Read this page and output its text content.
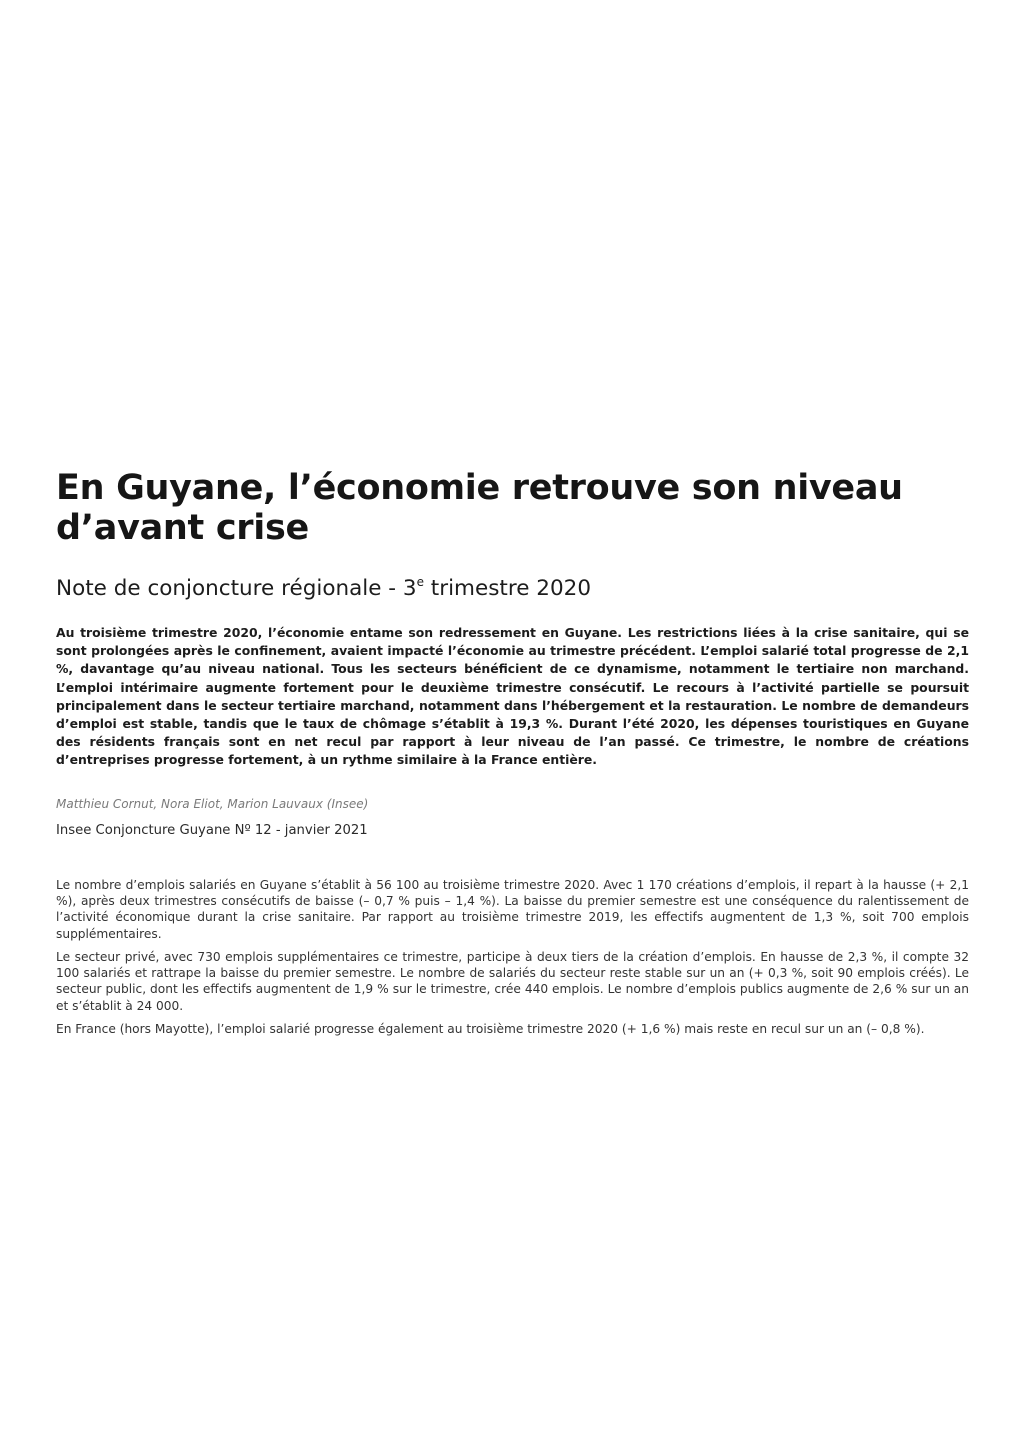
En Guyane, l’économie retrouve son niveau d’avant crise
Note de conjoncture régionale - 3e trimestre 2020

Au troisième trimestre 2020, l’économie entame son redressement en Guyane. Les restrictions liées à la crise sanitaire, qui se sont prolongées après le confinement, avaient impacté l’économie au trimestre précédent. L’emploi salarié total progresse de 2,1 %, davantage qu’au niveau national. Tous les secteurs bénéficient de ce dynamisme, notamment le tertiaire non marchand. L’emploi intérimaire augmente fortement pour le deuxième trimestre consécutif. Le recours à l’activité partielle se poursuit principalement dans le secteur tertiaire marchand, notamment dans l’hébergement et la restauration. Le nombre de demandeurs d’emploi est stable, tandis que le taux de chômage s’établit à 19,3 %. Durant l’été 2020, les dépenses touristiques en Guyane des résidents français sont en net recul par rapport à leur niveau de l’an passé. Ce trimestre, le nombre de créations d’entreprises progresse fortement, à un rythme similaire à la France entière.

Matthieu Cornut, Nora Eliot, Marion Lauvaux (Insee)

Insee Conjoncture Guyane Nº 12 - janvier 2021

Le nombre d’emplois salariés en Guyane s’établit à 56 100 au troisième trimestre 2020. Avec 1 170 créations d’emplois, il repart à la hausse (+ 2,1 %), après deux trimestres consécutifs de baisse (– 0,7 % puis – 1,4 %). La baisse du premier semestre est une conséquence du ralentissement de l’activité économique durant la crise sanitaire. Par rapport au troisième trimestre 2019, les effectifs augmentent de 1,3 %, soit 700 emplois supplémentaires.

Le secteur privé, avec 730 emplois supplémentaires ce trimestre, participe à deux tiers de la création d’emplois. En hausse de 2,3 %, il compte 32 100 salariés et rattrape la baisse du premier semestre. Le nombre de salariés du secteur reste stable sur un an (+ 0,3 %, soit 90 emplois créés). Le secteur public, dont les effectifs augmentent de 1,9 % sur le trimestre, crée 440 emplois. Le nombre d’emplois publics augmente de 2,6 % sur un an et s’établit à 24 000.

En France (hors Mayotte), l’emploi salarié progresse également au troisième trimestre 2020 (+ 1,6 %) mais reste en recul sur un an (– 0,8 %).
